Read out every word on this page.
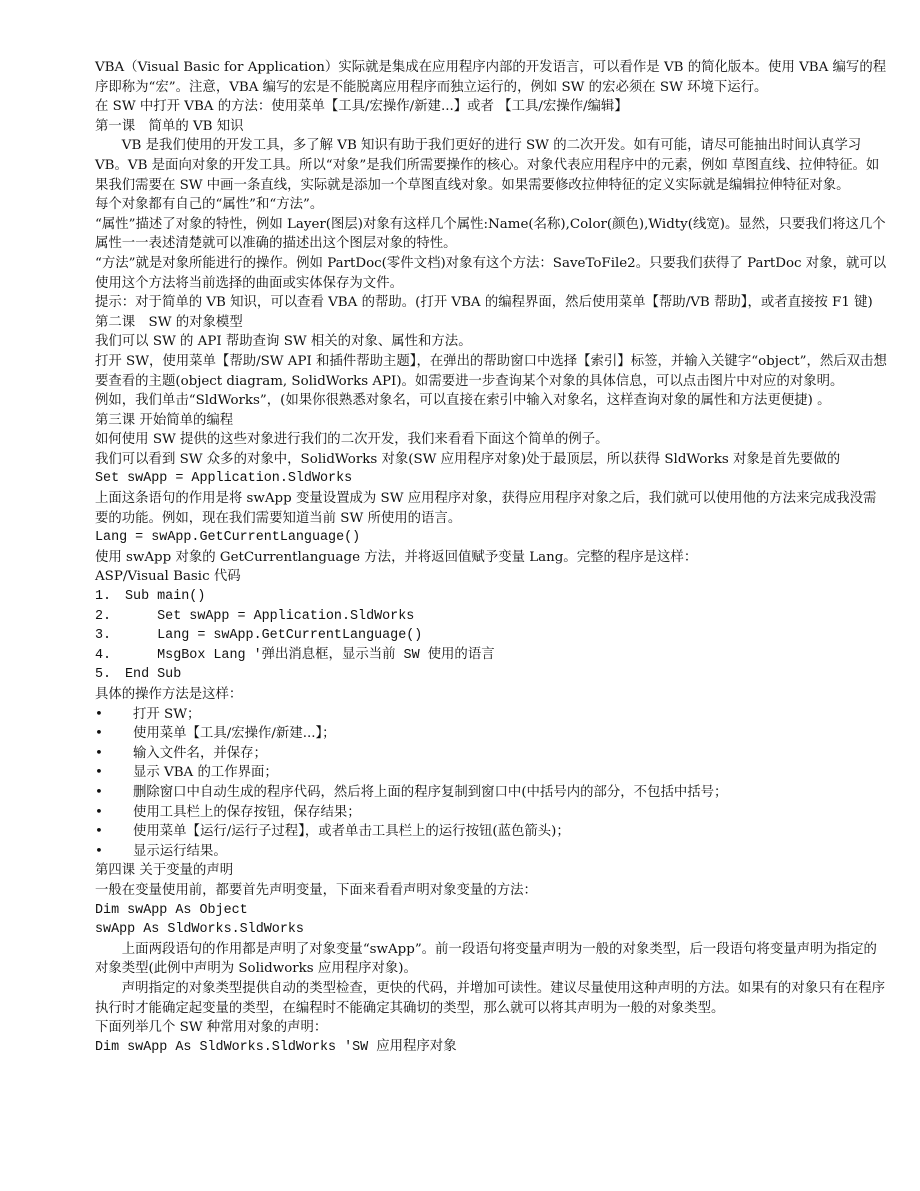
VBA（Visual Basic for Application）实际就是集成在应用程序内部的开发语言，可以看作是 VB 的简化版本。使用 VBA 编写的程序即称为“宏”。注意，VBA 编写的宏是不能脱离应用程序而独立运行的，例如 SW 的宏必须在 SW 环境下运行。

在 SW 中打开 VBA 的方法：使用菜单【工具/宏操作/新建...】或者 【工具/宏操作/编辑】

第一课　简单的 VB 知识

VB 是我们使用的开发工具，多了解 VB 知识有助于我们更好的进行 SW 的二次开发。如有可能，请尽可能抽出时间认真学习 VB。VB 是面向对象的开发工具。所以“对象”是我们所需要操作的核心。对象代表应用程序中的元素，例如 草图直线、拉伸特征。如果我们需要在 SW 中画一条直线，实际就是添加一个草图直线对象。如果需要修改拉伸特征的定义实际就是编辑拉伸特征对象。

每个对象都有自己的“属性”和“方法”。

“属性”描述了对象的特性，例如 Layer(图层)对象有这样几个属性:Name(名称),Color(颜色),Widty(线宽)。显然，只要我们将这几个属性一一表述清楚就可以准确的描述出这个图层对象的特性。

“方法”就是对象所能进行的操作。例如 PartDoc(零件文档)对象有这个方法：SaveToFile2。只要我们获得了 PartDoc 对象，就可以使用这个方法将当前选择的曲面或实体保存为文件。

提示：对于简单的 VB 知识，可以查看 VBA 的帮助。(打开 VBA 的编程界面，然后使用菜单【帮助/VB 帮助】，或者直接按 F1 键)

第二课　SW 的对象模型

我们可以 SW 的 API 帮助查询 SW 相关的对象、属性和方法。

打开 SW，使用菜单【帮助/SW API 和插件帮助主题】，在弹出的帮助窗口中选择【索引】标签，并输入关键字“object”，然后双击想要查看的主题(object diagram, SolidWorks API)。如需要进一步查询某个对象的具体信息，可以点击图片中对应的对象明。

例如，我们单击“SldWorks”，(如果你很熟悉对象名，可以直接在索引中输入对象名，这样查询对象的属性和方法更便捷) 。

第三课 开始简单的编程

如何使用 SW 提供的这些对象进行我们的二次开发，我们来看看下面这个简单的例子。

我们可以看到 SW 众多的对象中，SolidWorks 对象(SW 应用程序对象)处于最顶层，所以获得 SldWorks 对象是首先要做的

Set swApp = Application.SldWorks

上面这条语句的作用是将 swApp 变量设置成为 SW 应用程序对象，获得应用程序对象之后，我们就可以使用他的方法来完成我没需要的功能。例如，现在我们需要知道当前 SW 所使用的语言。

Lang = swApp.GetCurrentLanguage()

使用 swApp 对象的 GetCurrentlanguage 方法，并将返回值赋予变量 Lang。完整的程序是这样：

ASP/Visual Basic 代码

1. Sub main()

2.    Set swApp = Application.SldWorks

3.    Lang = swApp.GetCurrentLanguage()

4.    MsgBox Lang '弹出消息框，显示当前 SW 使用的语言

5. End Sub

具体的操作方法是这样：

•	打开 SW；
•	使用菜单【工具/宏操作/新建...】；
•	输入文件名，并保存；
•	显示 VBA 的工作界面；
•	删除窗口中自动生成的程序代码，然后将上面的程序复制到窗口中(中括号内的部分，不包括中括号；
•	使用工具栏上的保存按钮，保存结果；
•	使用菜单【运行/运行子过程】，或者单击工具栏上的运行按钮(蓝色箭头)；
•	显示运行结果。

第四课 关于变量的声明

一般在变量使用前，都要首先声明变量，下面来看看声明对象变量的方法：

Dim swApp As Object

swApp As SldWorks.SldWorks

上面两段语句的作用都是声明了对象变量“swApp”。前一段语句将变量声明为一般的对象类型，后一段语句将变量声明为指定的对象类型(此例中声明为 Solidworks 应用程序对象)。

声明指定的对象类型提供自动的类型检查，更快的代码，并增加可读性。建议尽量使用这种声明的方法。如果有的对象只有在程序执行时才能确定起变量的类型，在编程时不能确定其确切的类型，那么就可以将其声明为一般的对象类型。

下面列举几个 SW 种常用对象的声明：

Dim swApp As SldWorks.SldWorks 'SW 应用程序对象
